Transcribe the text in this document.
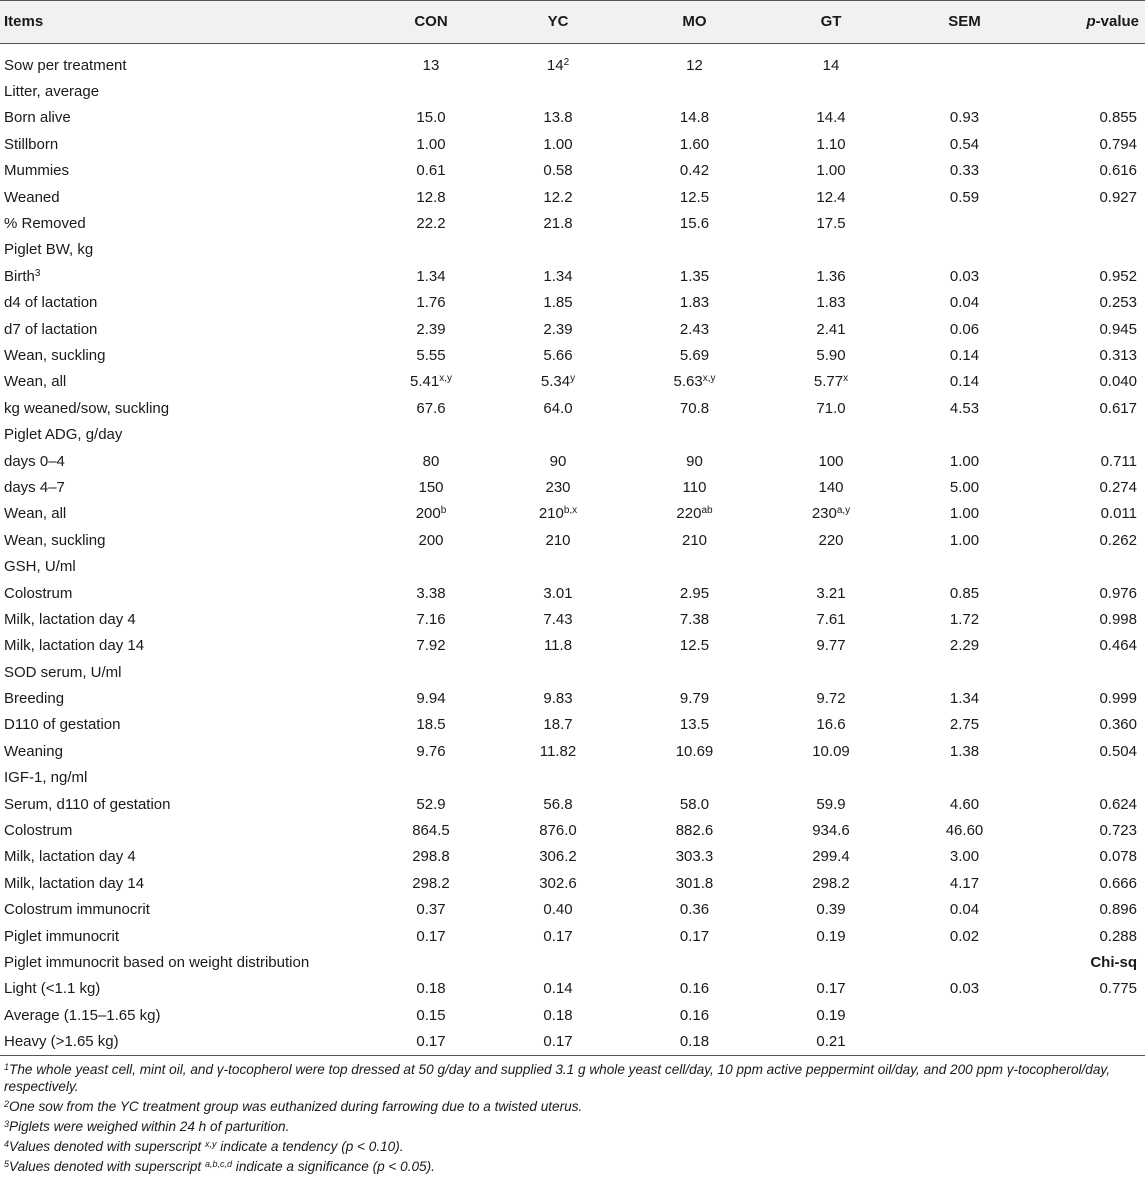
Items	CON	YC	MO	GT	SEM	p-value

Sow per treatment	13	$14^2$	12	14		
Litter, average						
Born alive	15.0	13.8	14.8	14.4	0.93	0.855
Stillborn	1.00	1.00	1.60	1.10	0.54	0.794
Mummies	0.61	0.58	0.42	1.00	0.33	0.616
Weaned	12.8	12.2	12.5	12.4	0.59	0.927
% Removed	22.2	21.8	15.6	17.5		
Piglet BW, kg						
Birth$^3$	1.34	1.34	1.35	1.36	0.03	0.952
d4 of lactation	1.76	1.85	1.83	1.83	0.04	0.253
d7 of lactation	2.39	2.39	2.43	2.41	0.06	0.945
Wean, suckling	5.55	5.66	5.69	5.90	0.14	0.313
Wean, all	5.41$^{x,y}$	5.34$^y$	5.63$^{x,y}$	5.77$^x$	0.14	0.040
kg weaned/sow, suckling	67.6	64.0	70.8	71.0	4.53	0.617
Piglet ADG, g/day						
days 0–4	80	90	90	100	1.00	0.711
days 4–7	150	230	110	140	5.00	0.274
Wean, all	200$^b$	210$^{b,x}$	$220^{ab}$	230$^{a,y}$	1.00	0.011
Wean, suckling	200	210	210	220	1.00	0.262
GSH, U/ml						
Colostrum	3.38	3.01	2.95	3.21	0.85	0.976
Milk, lactation day 4	7.16	7.43	7.38	7.61	1.72	0.998
Milk, lactation day 14	7.92	11.8	12.5	9.77	2.29	0.464
SOD serum, U/ml						
Breeding	9.94	9.83	9.79	9.72	1.34	0.999
D110 of gestation	18.5	18.7	13.5	16.6	2.75	0.360
Weaning	9.76	11.82	10.69	10.09	1.38	0.504
IGF-1, ng/ml						
Serum, d110 of gestation	52.9	56.8	58.0	59.9	4.60	0.624
Colostrum	864.5	876.0	882.6	934.6	46.60	0.723
Milk, lactation day 4	298.8	306.2	303.3	299.4	3.00	0.078
Milk, lactation day 14	298.2	302.6	301.8	298.2	4.17	0.666
Colostrum immunocrit	0.37	0.40	0.36	0.39	0.04	0.896
Piglet immunocrit	0.17	0.17	0.17	0.19	0.02	0.288
Piglet immunocrit based on weight distribution						Chi-sq
Light (<1.1 kg)	0.18	0.14	0.16	0.17	0.03	0.775
Average (1.15–1.65 kg)	0.15	0.18	0.16	0.19		
Heavy (>1.65 kg)	0.17	0.17	0.18	0.21		
$^1$The whole yeast cell, mint oil, and γ-tocopherol were top dressed at 50 g/day and supplied 3.1 g whole yeast cell/day, 10 ppm active peppermint oil/day, and 200 ppm γ-tocopherol/day, respectively.
$^2$One sow from the YC treatment group was euthanized during farrowing due to a twisted uterus.
$^3$Piglets were weighed within 24 h of parturition.
$^4$Values denoted with superscript $^{x,y}$ indicate a tendency (p < 0.10).
$^5$Values denoted with superscript $^{a,b,c,d}$ indicate a significance (p < 0.05).
